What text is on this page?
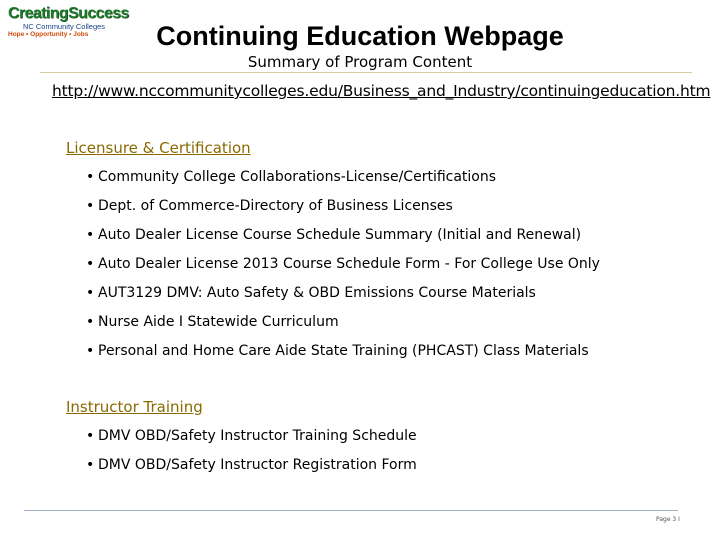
CreatingSuccess
NC Community Colleges
Hope • Opportunity • Jobs	Continuing Education Webpage
Summary of Program Content
http://www.nccommunitycolleges.edu/Business_and_Industry/continuingeducation.htm
Licensure & Certification
• Community College Collaborations-License/Certifications
• Dept. of Commerce-Directory of Business Licenses
• Auto Dealer License Course Schedule Summary (Initial and Renewal)
• Auto Dealer License 2013 Course Schedule Form - For College Use Only
• AUT3129 DMV: Auto Safety & OBD Emissions Course Materials
• Nurse Aide I Statewide Curriculum
• Personal and Home Care Aide State Training (PHCAST) Class Materials
Instructor Training
• DMV OBD/Safety Instructor Training Schedule
• DMV OBD/Safety Instructor Registration Form
Page 3 I
